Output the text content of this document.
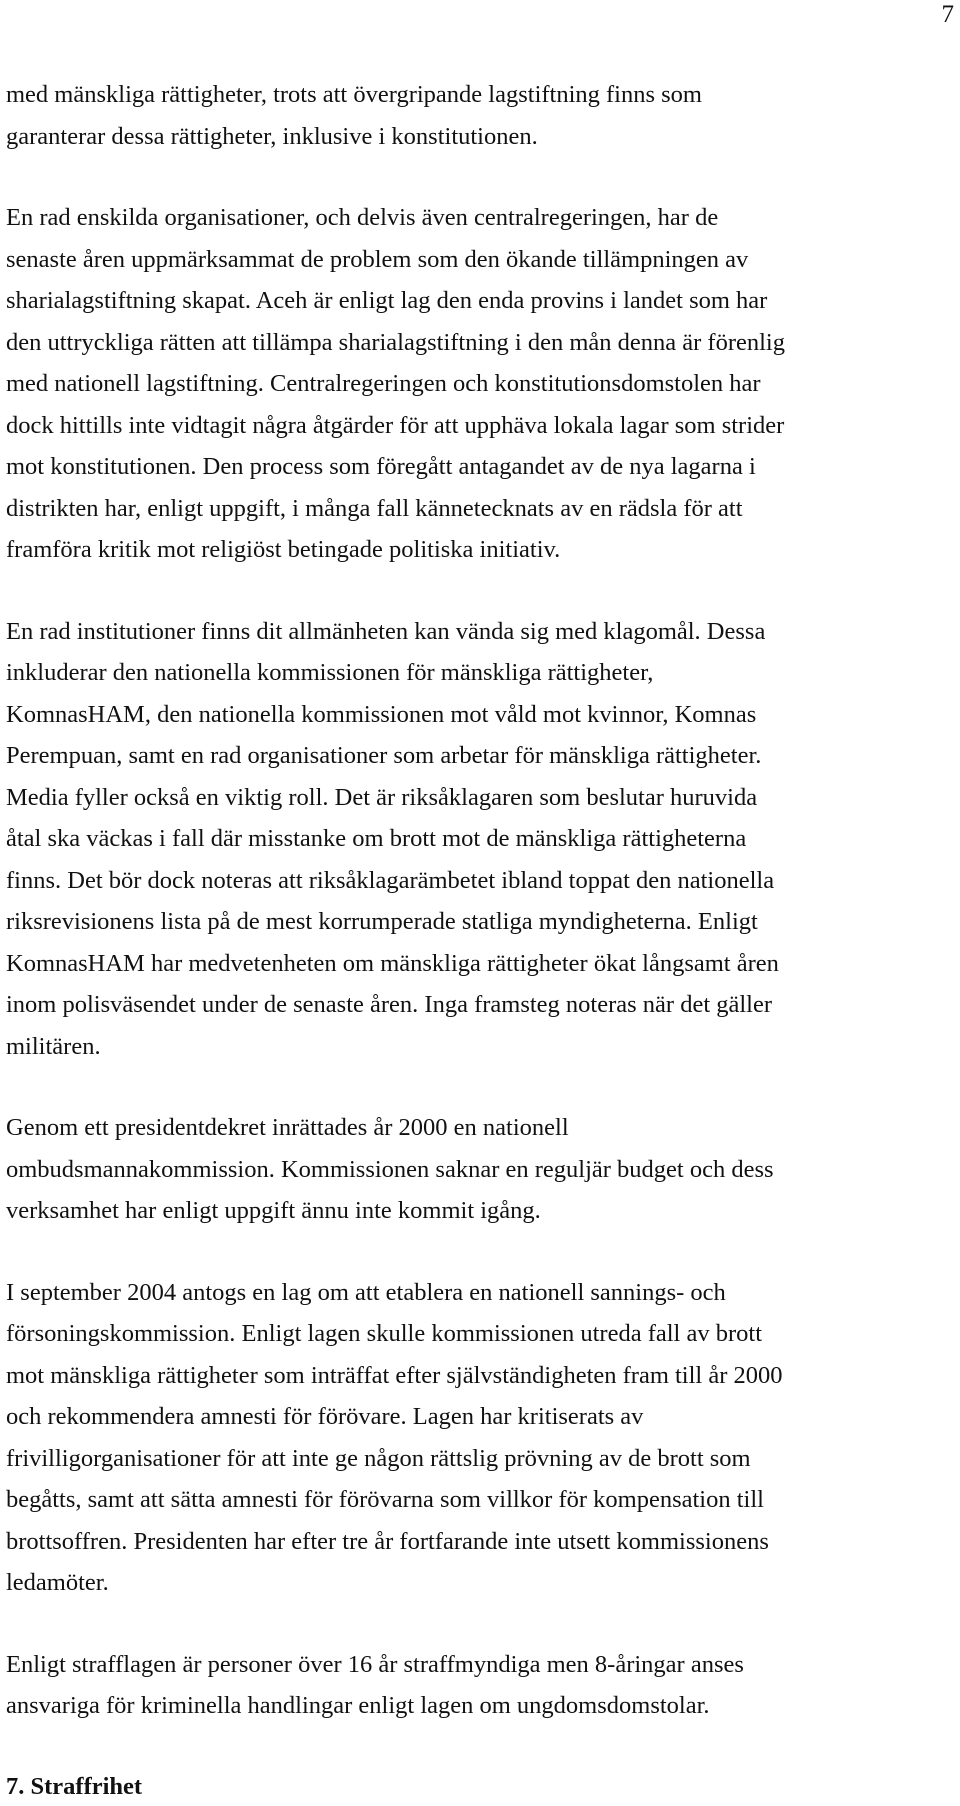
7

med mänskliga rättigheter, trots att övergripande lagstiftning finns som
garanterar dessa rättigheter, inklusive i konstitutionen.

En rad enskilda organisationer, och delvis även centralregeringen, har de
senaste åren uppmärksammat de problem som den ökande tillämpningen av
sharialagstiftning skapat. Aceh är enligt lag den enda provins i landet som har
den uttryckliga rätten att tillämpa sharialagstiftning i den mån denna är förenlig
med nationell lagstiftning. Centralregeringen och konstitutionsdomstolen har
dock hittills inte vidtagit några åtgärder för att upphäva lokala lagar som strider
mot konstitutionen. Den process som föregått antagandet av de nya lagarna i
distrikten har, enligt uppgift, i många fall kännetecknats av en rädsla för att
framföra kritik mot religiöst betingade politiska initiativ.

En rad institutioner finns dit allmänheten kan vända sig med klagomål. Dessa
inkluderar den nationella kommissionen för mänskliga rättigheter,
KomnasHAM, den nationella kommissionen mot våld mot kvinnor, Komnas
Perempuan, samt en rad organisationer som arbetar för mänskliga rättigheter.
Media fyller också en viktig roll. Det är riksåklagaren som beslutar huruvida
åtal ska väckas i fall där misstanke om brott mot de mänskliga rättigheterna
finns. Det bör dock noteras att riksåklagarämbetet ibland toppat den nationella
riksrevisionens lista på de mest korrumperade statliga myndigheterna. Enligt
KomnasHAM har medvetenheten om mänskliga rättigheter ökat långsamt åren
inom polisväsendet under de senaste åren. Inga framsteg noteras när det gäller
militären.

Genom ett presidentdekret inrättades år 2000 en nationell
ombudsmannakommission. Kommissionen saknar en reguljär budget och dess
verksamhet har enligt uppgift ännu inte kommit igång.

I september 2004 antogs en lag om att etablera en nationell sannings- och
försoningskommission. Enligt lagen skulle kommissionen utreda fall av brott
mot mänskliga rättigheter som inträffat efter självständigheten fram till år 2000
och rekommendera amnesti för förövare. Lagen har kritiserats av
frivilligorganisationer för att inte ge någon rättslig prövning av de brott som
begåtts, samt att sätta amnesti för förövarna som villkor för kompensation till
brottsoffren. Presidenten har efter tre år fortfarande inte utsett kommissionens
ledamöter.

Enligt strafflagen är personer över 16 år straffmyndiga men 8-åringar anses
ansvariga för kriminella handlingar enligt lagen om ungdomsdomstolar.

7. Straffrihet
